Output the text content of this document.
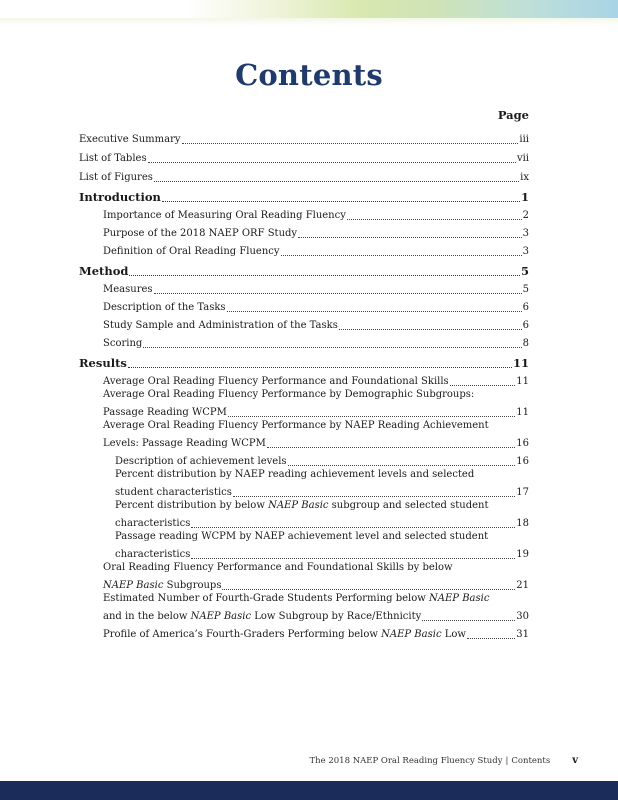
Contents
Page
Executive Summary	iii
List of Tables	vii
List of Figures	ix
Introduction	1
Importance of Measuring Oral Reading Fluency	2
Purpose of the 2018 NAEP ORF Study	3
Definition of Oral Reading Fluency	3
Method	5
Measures	5
Description of the Tasks	6
Study Sample and Administration of the Tasks	6
Scoring	8
Results	11
Average Oral Reading Fluency Performance and Foundational Skills	11
Average Oral Reading Fluency Performance by Demographic Subgroups:
Passage Reading WCPM	11
Average Oral Reading Fluency Performance by NAEP Reading Achievement
Levels: Passage Reading WCPM	16
Description of achievement levels	16
Percent distribution by NAEP reading achievement levels and selected
student characteristics	17
Percent distribution by below NAEP Basic subgroup and selected student
characteristics	18
Passage reading WCPM by NAEP achievement level and selected student
characteristics	19
Oral Reading Fluency Performance and Foundational Skills by below
NAEP Basic Subgroups	21
Estimated Number of Fourth-Grade Students Performing below NAEP Basic
and in the below NAEP Basic Low Subgroup by Race/Ethnicity	30
Profile of America’s Fourth-Graders Performing below NAEP Basic Low	31
The 2018 NAEP Oral Reading Fluency Study | Contents v
